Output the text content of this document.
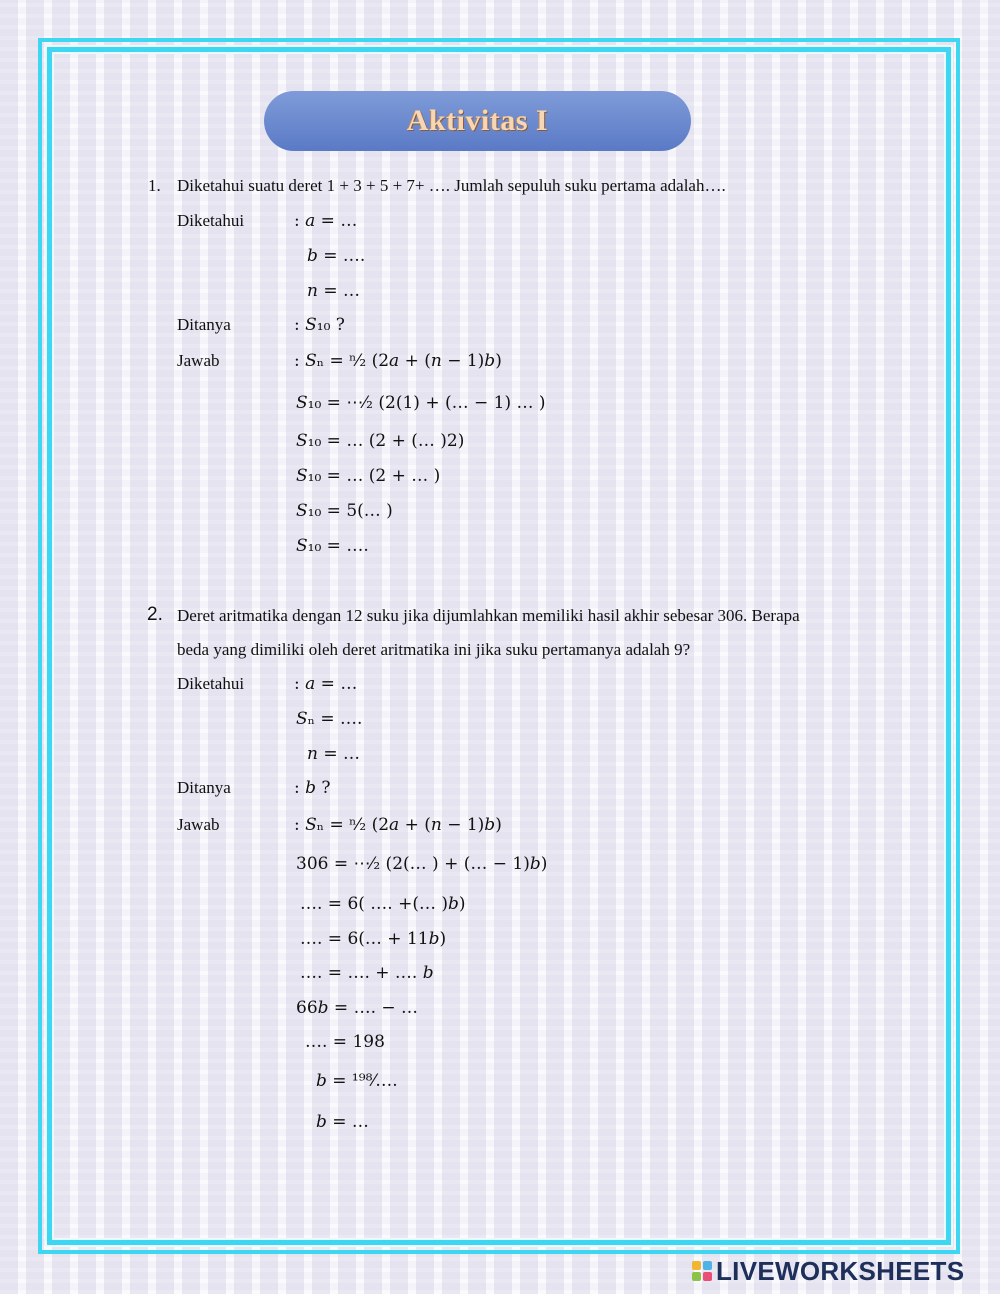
Aktivitas I
1. Diketahui suatu deret 1 + 3 + 5 + 7+ …. Jumlah sepuluh suku pertama adalah….
Diketahui	: 𝑎 = …
𝑏 = ….
𝑛 = …
Ditanya	: 𝑆₁₀ ?
Jawab	: 𝑆ₙ = ⁿ⁄₂ (2𝑎 + (𝑛 − 1)𝑏)
𝑆₁₀ = ⋯⁄₂ (2(1) + (… − 1) … )
𝑆₁₀ = … (2 + (… )2)
𝑆₁₀ = … (2 + … )
𝑆₁₀ = 5(… )
𝑆₁₀ = ….
2. Deret aritmatika dengan 12 suku jika dijumlahkan memiliki hasil akhir sebesar 306. Berapa
beda yang dimiliki oleh deret aritmatika ini jika suku pertamanya adalah 9?
Diketahui	: 𝑎 = …
𝑆ₙ = ….
𝑛 = …
Ditanya	: 𝑏 ?
Jawab	: 𝑆ₙ = ⁿ⁄₂ (2𝑎 + (𝑛 − 1)𝑏)
306 = ⋯⁄₂ (2(… ) + (… − 1)𝑏)
…. = 6( …. +(… )𝑏)
…. = 6(… + 11𝑏)
…. = …. + …. 𝑏
66𝑏 = …. − …
…. = 198
𝑏 = ¹⁹⁸⁄….
𝑏 = …
LIVEWORKSHEETS
